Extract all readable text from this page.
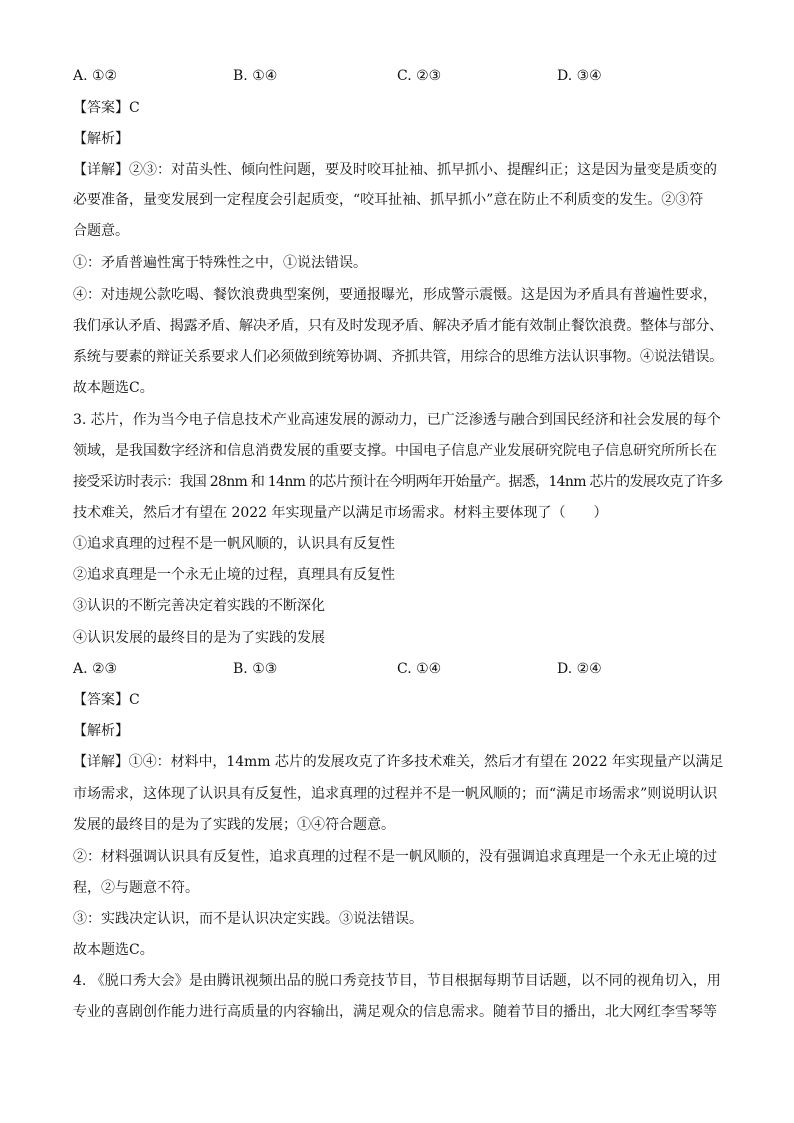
A. ①②	B. ①④	C. ②③	D. ③④
【答案】C
【解析】
【详解】②③：对苗头性、倾向性问题，要及时咬耳扯袖、抓早抓小、提醒纠正；这是因为量变是质变的
必要准备，量变发展到一定程度会引起质变，“咬耳扯袖、抓早抓小”意在防止不利质变的发生。②③符
合题意。
①：矛盾普遍性寓于特殊性之中，①说法错误。
④：对违规公款吃喝、餐饮浪费典型案例，要通报曝光，形成警示震慑。这是因为矛盾具有普遍性要求，
我们承认矛盾、揭露矛盾、解决矛盾，只有及时发现矛盾、解决矛盾才能有效制止餐饮浪费。整体与部分、
系统与要素的辩证关系要求人们必须做到统筹协调、齐抓共管，用综合的思维方法认识事物。④说法错误。
故本题选C。
3. 芯片，作为当今电子信息技术产业高速发展的源动力，已广泛渗透与融合到国民经济和社会发展的每个
领域，是我国数字经济和信息消费发展的重要支撑。中国电子信息产业发展研究院电子信息研究所所长在
接受采访时表示：我国 28nm 和 14nm 的芯片预计在今明两年开始量产。据悉，14nm 芯片的发展攻克了许多
技术难关，然后才有望在 2022 年实现量产以满足市场需求。材料主要体现了（　　）
①追求真理的过程不是一帆风顺的，认识具有反复性
②追求真理是一个永无止境的过程，真理具有反复性
③认识的不断完善决定着实践的不断深化
④认识发展的最终目的是为了实践的发展
A. ②③	B. ①③	C. ①④	D. ②④
【答案】C
【解析】
【详解】①④：材料中，14mm 芯片的发展攻克了许多技术难关，然后才有望在 2022 年实现量产以满足
市场需求，这体现了认识具有反复性，追求真理的过程并不是一帆风顺的；而“满足市场需求”则说明认识
发展的最终目的是为了实践的发展；①④符合题意。
②：材料强调认识具有反复性，追求真理的过程不是一帆风顺的，没有强调追求真理是一个永无止境的过
程，②与题意不符。
③：实践决定认识，而不是认识决定实践。③说法错误。
故本题选C。
4. 《脱口秀大会》是由腾讯视频出品的脱口秀竞技节目，节目根据每期节目话题，以不同的视角切入，用
专业的喜剧创作能力进行高质量的内容输出，满足观众的信息需求。随着节目的播出，北大网红李雪琴等
